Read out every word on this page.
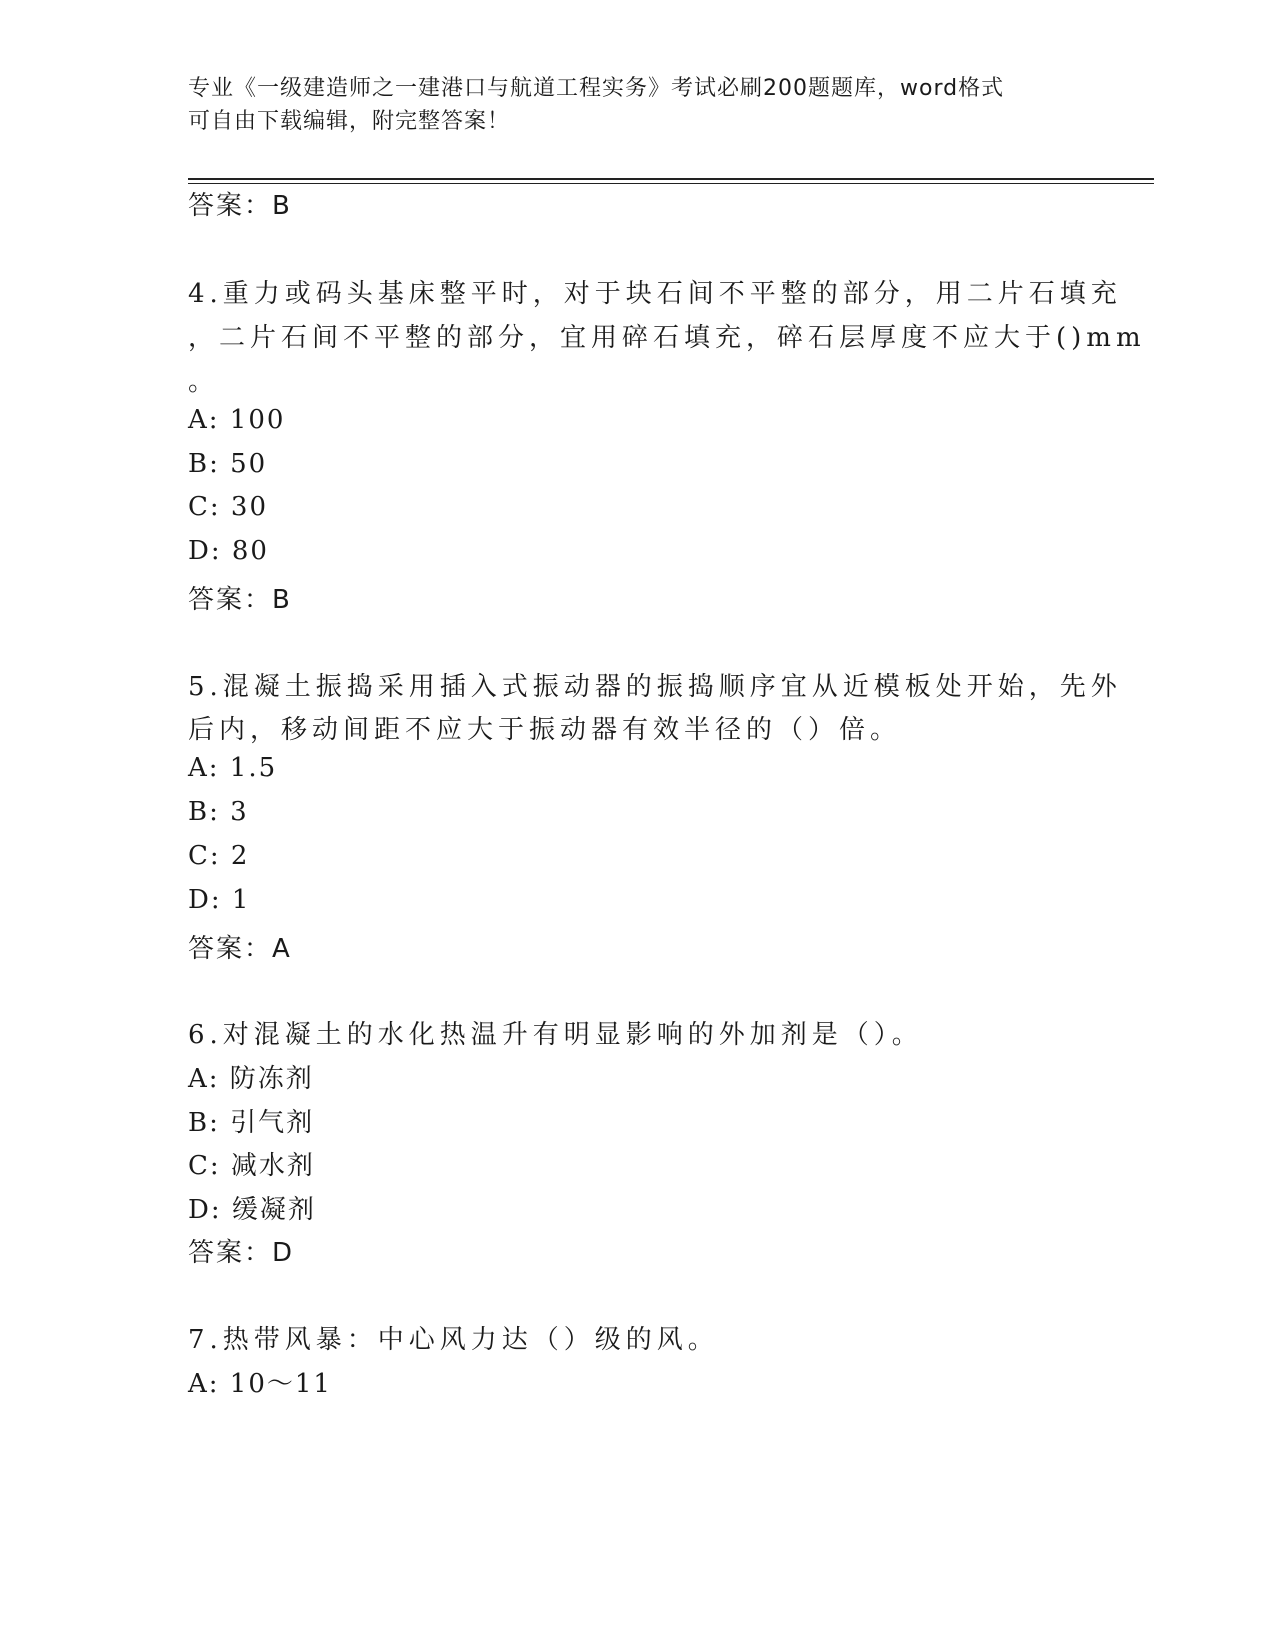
专业《一级建造师之一建港口与航道工程实务》考试必刷200题题库，word格式
可自由下载编辑，附完整答案！
答案：B
4.重力或码头基床整平时，对于块石间不平整的部分，用二片石填充
，二片石间不平整的部分，宜用碎石填充，碎石层厚度不应大于()mm
。
A: 100
B: 50
C: 30
D: 80
答案：B
5.混凝土振捣采用插入式振动器的振捣顺序宜从近模板处开始，先外
后内，移动间距不应大于振动器有效半径的（）倍。
A: 1.5
B: 3
C: 2
D: 1
答案：A
6.对混凝土的水化热温升有明显影响的外加剂是（）。
A: 防冻剂
B: 引气剂
C: 减水剂
D: 缓凝剂
答案：D
7.热带风暴：中心风力达（）级的风。
A: 10～11
